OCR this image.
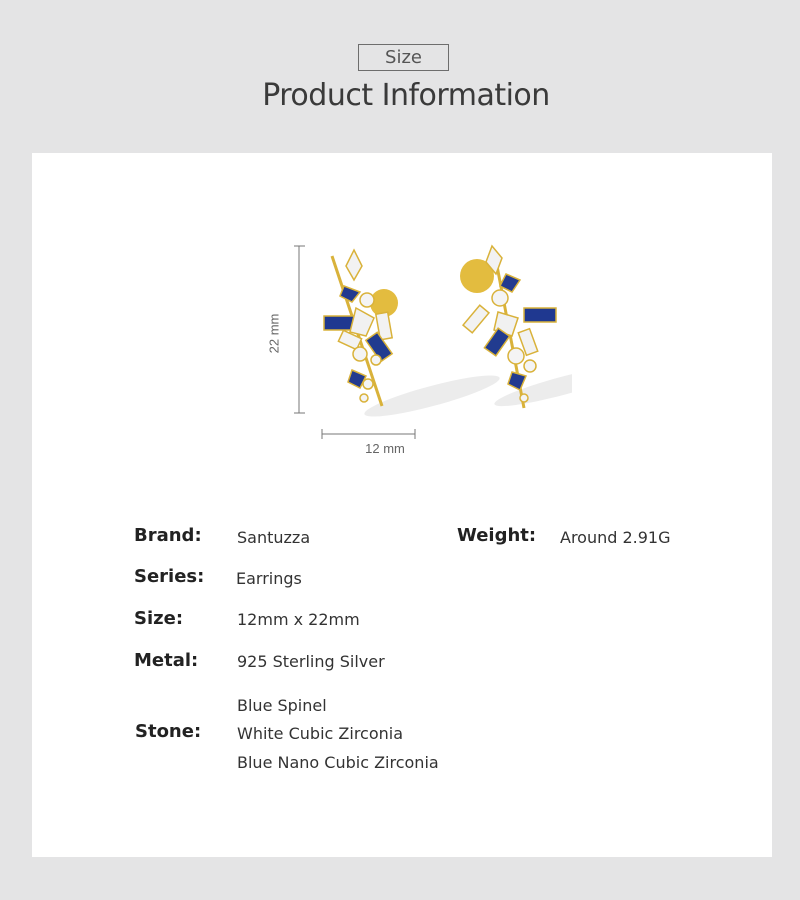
Size
Product Information
22 mm
12 mm
Brand: Santuzza	Weight: Around 2.91G
Series: Earrings
Size:	12mm x 22mm
Metal: 925 Sterling Silver
Stone:
Blue Spinel
White Cubic Zirconia
Blue Nano Cubic Zirconia
